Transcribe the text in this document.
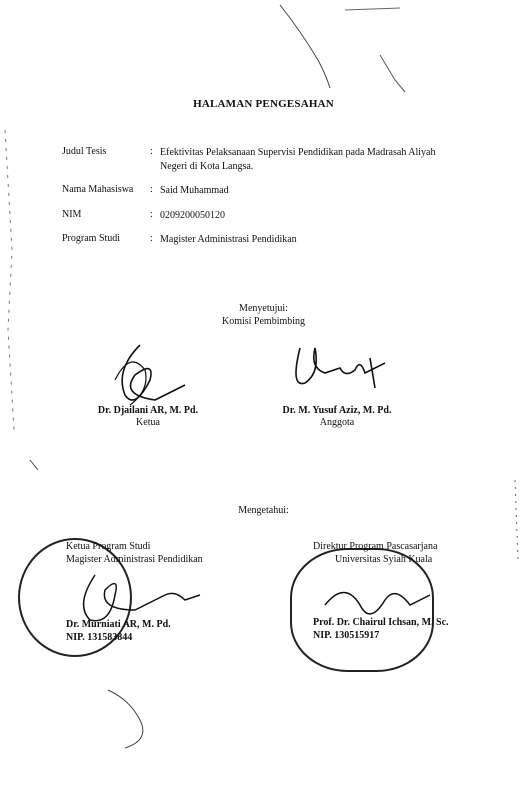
HALAMAN PENGESAHAN
Judul Tesis	: Efektivitas Pelaksanaan Supervisi Pendidikan pada Madrasah Aliyah Negeri di Kota Langsa.
Nama Mahasiswa	: Said Muhammad
NIM	: 0209200050120
Program Studi	: Magister Administrasi Pendidikan
Menyetujui:
Komisi Pembimbing
Dr. Djailani AR, M. Pd.
Ketua
Dr. M. Yusuf Aziz, M. Pd.
Anggota
Mengetahui:
Ketua Program Studi
Magister Administrasi Pendidikan
Dr. Murniati AR, M. Pd.
NIP. 131583844
Direktur Program Pascasarjana
Universitas Syiah Kuala
Prof. Dr. Chairul Ichsan, M. Sc.
NIP. 130515917
